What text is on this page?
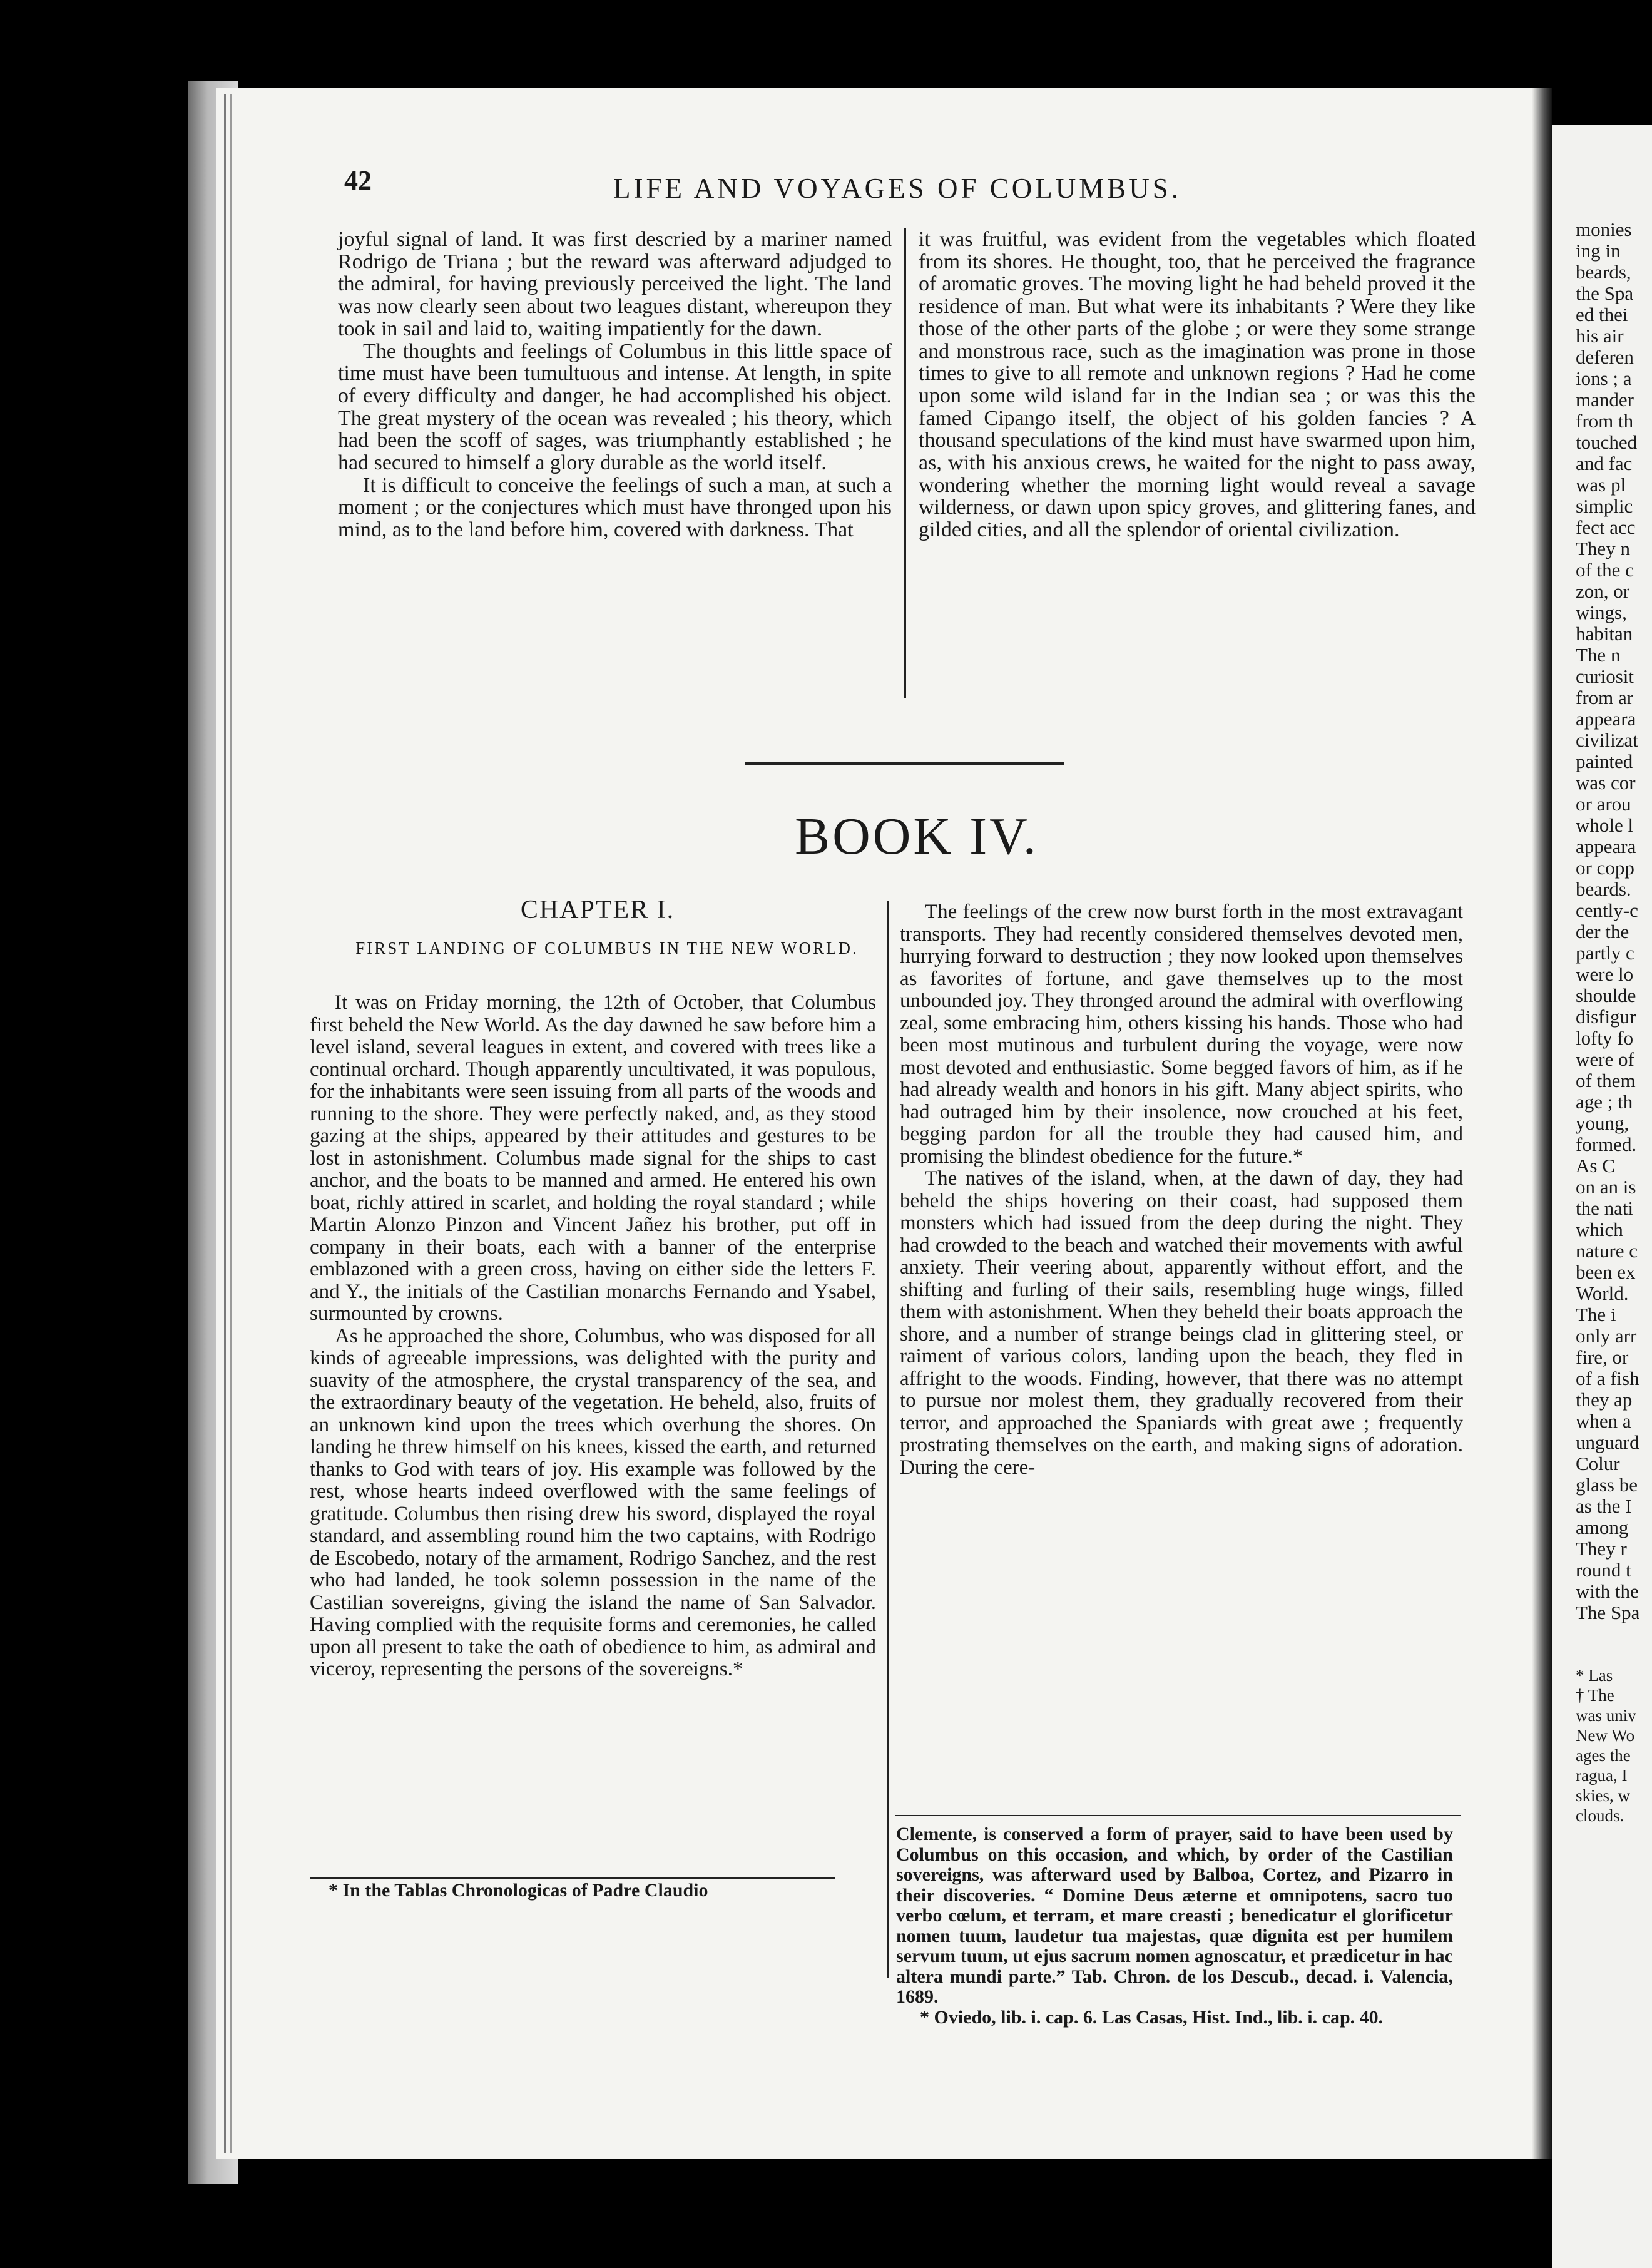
42	LIFE AND VOYAGES OF COLUMBUS.

joyful signal of land. It was first descried by a mariner named Rodrigo de Triana ; but the reward was afterward adjudged to the admiral, for having previously perceived the light. The land was now clearly seen about two leagues distant, whereupon they took in sail and laid to, waiting impatiently for the dawn.

The thoughts and feelings of Columbus in this little space of time must have been tumultuous and intense. At length, in spite of every difficulty and danger, he had accomplished his object. The great mystery of the ocean was revealed ; his theory, which had been the scoff of sages, was triumphantly established ; he had secured to himself a glory durable as the world itself.

It is difficult to conceive the feelings of such a man, at such a moment ; or the conjectures which must have thronged upon his mind, as to the land before him, covered with darkness. That

it was fruitful, was evident from the vegetables which floated from its shores. He thought, too, that he perceived the fragrance of aromatic groves. The moving light he had beheld proved it the residence of man. But what were its inhabitants ? Were they like those of the other parts of the globe ; or were they some strange and monstrous race, such as the imagination was prone in those times to give to all remote and unknown regions ? Had he come upon some wild island far in the Indian sea ; or was this the famed Cipango itself, the object of his golden fancies ? A thousand speculations of the kind must have swarmed upon him, as, with his anxious crews, he waited for the night to pass away, wondering whether the morning light would reveal a savage wilderness, or dawn upon spicy groves, and glittering fanes, and gilded cities, and all the splendor of oriental civilization.

BOOK IV.
CHAPTER I.
FIRST LANDING OF COLUMBUS IN THE NEW WORLD.

It was on Friday morning, the 12th of October, that Columbus first beheld the New World. As the day dawned he saw before him a level island, several leagues in extent, and covered with trees like a continual orchard. Though apparently uncultivated, it was populous, for the inhabitants were seen issuing from all parts of the woods and running to the shore. They were perfectly naked, and, as they stood gazing at the ships, appeared by their attitudes and gestures to be lost in astonishment. Columbus made signal for the ships to cast anchor, and the boats to be manned and armed. He entered his own boat, richly attired in scarlet, and holding the royal standard ; while Martin Alonzo Pinzon and Vincent Jañez his brother, put off in company in their boats, each with a banner of the enterprise emblazoned with a green cross, having on either side the letters F. and Y., the initials of the Castilian monarchs Fernando and Ysabel, surmounted by crowns.

As he approached the shore, Columbus, who was disposed for all kinds of agreeable impressions, was delighted with the purity and suavity of the atmosphere, the crystal transparency of the sea, and the extraordinary beauty of the vegetation. He beheld, also, fruits of an unknown kind upon the trees which overhung the shores. On landing he threw himself on his knees, kissed the earth, and returned thanks to God with tears of joy. His example was followed by the rest, whose hearts indeed overflowed with the same feelings of gratitude. Columbus then rising drew his sword, displayed the royal standard, and assembling round him the two captains, with Rodrigo de Escobedo, notary of the armament, Rodrigo Sanchez, and the rest who had landed, he took solemn possession in the name of the Castilian sovereigns, giving the island the name of San Salvador. Having complied with the requisite forms and ceremonies, he called upon all present to take the oath of obedience to him, as admiral and viceroy, representing the persons of the sovereigns.*

The feelings of the crew now burst forth in the most extravagant transports. They had recently considered themselves devoted men, hurrying forward to destruction ; they now looked upon themselves as favorites of fortune, and gave themselves up to the most unbounded joy. They thronged around the admiral with overflowing zeal, some embracing him, others kissing his hands. Those who had been most mutinous and turbulent during the voyage, were now most devoted and enthusiastic. Some begged favors of him, as if he had already wealth and honors in his gift. Many abject spirits, who had outraged him by their insolence, now crouched at his feet, begging pardon for all the trouble they had caused him, and promising the blindest obedience for the future.*

The natives of the island, when, at the dawn of day, they had beheld the ships hovering on their coast, had supposed them monsters which had issued from the deep during the night. They had crowded to the beach and watched their movements with awful anxiety. Their veering about, apparently without effort, and the shifting and furling of their sails, resembling huge wings, filled them with astonishment. When they beheld their boats approach the shore, and a number of strange beings clad in glittering steel, or raiment of various colors, landing upon the beach, they fled in affright to the woods. Finding, however, that there was no attempt to pursue nor molest them, they gradually recovered from their terror, and approached the Spaniards with great awe ; frequently prostrating themselves on the earth, and making signs of adoration. During the cere-

* In the Tablas Chronologicas of Padre Claudio

Clemente, is conserved a form of prayer, said to have been used by Columbus on this occasion, and which, by order of the Castilian sovereigns, was afterward used by Balboa, Cortez, and Pizarro in their discoveries. “ Domine Deus æterne et omnipotens, sacro tuo verbo cœlum, et terram, et mare creasti ; benedicatur el glorificetur nomen tuum, laudetur tua majestas, quæ dignita est per humilem servum tuum, ut ejus sacrum nomen agnoscatur, et prædicetur in hac altera mundi parte.” Tab. Chron. de los Descub., decad. i. Valencia, 1689.

* Oviedo, lib. i. cap. 6. Las Casas, Hist. Ind., lib. i. cap. 40.

monies
ing in
beards,
the Spa
ed thei
his air
deferen
ions ; a
mander
from th
touched
and fac
was pl
simplic
fect acc
They n
of the c
zon, or
wings,
habitan
The n
curiosit
from ar
appeara
civilizat
painted
was cor
or arou
whole l
appeara
or copp
beards.
cently-c
der the
partly c
were lo
shoulde
disfigur
lofty fo
were of
of them
age ; th
young,
formed.
As C
on an is
the nati
which
nature c
been ex
World.
The i
only arr
fire, or
of a fish
they ap
when a
unguard
Colur
glass be
as the I
among
They r
round t
with the
The Spa
* Las
† The
was univ
New Wo
ages the
ragua, I
skies, w
clouds.
